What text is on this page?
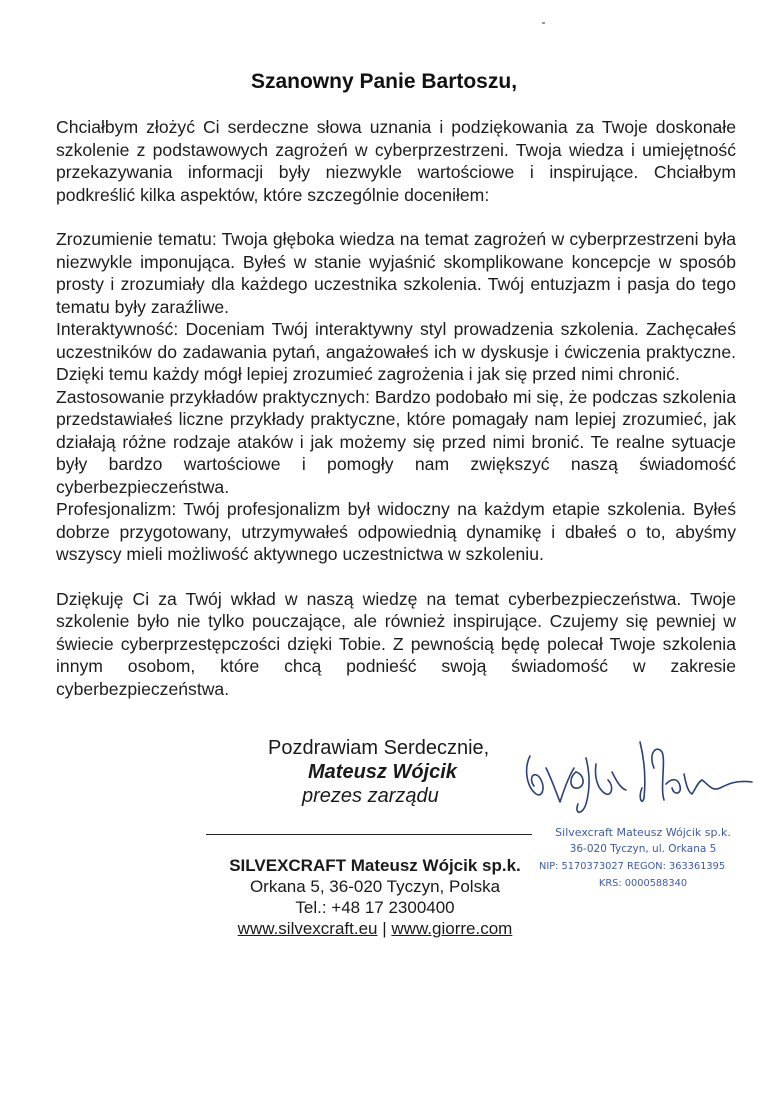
Szanowny Panie Bartoszu,

Chciałbym złożyć Ci serdeczne słowa uznania i podziękowania za Twoje doskonałe szkolenie z podstawowych zagrożeń w cyberprzestrzeni. Twoja wiedza i umiejętność przekazywania informacji były niezwykle wartościowe i inspirujące. Chciałbym podkreślić kilka aspektów, które szczególnie doceniłem:

Zrozumienie tematu: Twoja głęboka wiedza na temat zagrożeń w cyberprzestrzeni była niezwykle imponująca. Byłeś w stanie wyjaśnić skomplikowane koncepcje w sposób prosty i zrozumiały dla każdego uczestnika szkolenia. Twój entuzjazm i pasja do tego tematu były zaraźliwe.

Interaktywność: Doceniam Twój interaktywny styl prowadzenia szkolenia. Zachęcałeś uczestników do zadawania pytań, angażowałeś ich w dyskusje i ćwiczenia praktyczne. Dzięki temu każdy mógł lepiej zrozumieć zagrożenia i jak się przed nimi chronić.

Zastosowanie przykładów praktycznych: Bardzo podobało mi się, że podczas szkolenia przedstawiałeś liczne przykłady praktyczne, które pomagały nam lepiej zrozumieć, jak działają różne rodzaje ataków i jak możemy się przed nimi bronić. Te realne sytuacje były bardzo wartościowe i pomogły nam zwiększyć naszą świadomość cyberbezpieczeństwa.

Profesjonalizm: Twój profesjonalizm był widoczny na każdym etapie szkolenia. Byłeś dobrze przygotowany, utrzymywałeś odpowiednią dynamikę i dbałeś o to, abyśmy wszyscy mieli możliwość aktywnego uczestnictwa w szkoleniu.

Dziękuję Ci za Twój wkład w naszą wiedzę na temat cyberbezpieczeństwa. Twoje szkolenie było nie tylko pouczające, ale również inspirujące. Czujemy się pewniej w świecie cyberprzestępczości dzięki Tobie. Z pewnością będę polecał Twoje szkolenia innym osobom, które chcą podnieść swoją świadomość w zakresie cyberbezpieczeństwa.

Pozdrawiam Serdecznie,
Mateusz Wójcik
prezes zarządu
SILVEXCRAFT Mateusz Wójcik sp.k.
Orkana 5, 36-020 Tyczyn, Polska
Tel.: +48 17 2300400
www.silvexcraft.eu | www.giorre.com
Silvexcraft Mateusz Wójcik sp.k.
36-020 Tyczyn, ul. Orkana 5
NIP: 5170373027 REGON: 363361395
KRS: 0000588340
